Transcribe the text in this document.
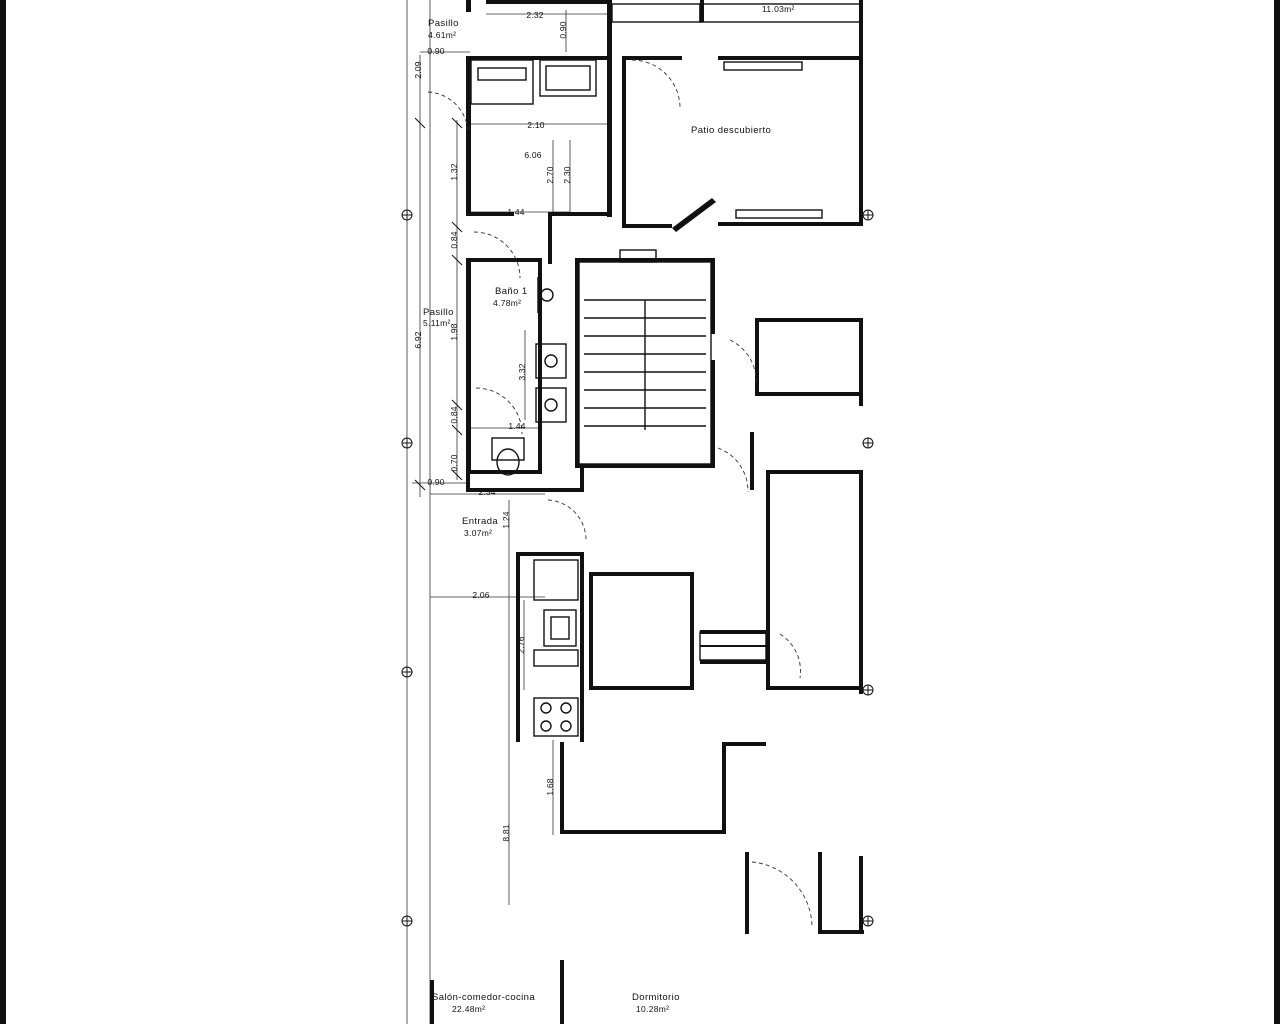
Pasillo
4.61m²
Pasillo
5.11m²
Baño 1
4.78m²
Entrada
3.07m²
Patio descubierto
Salón-comedor-cocina
22.48m²
Dormitorio
10.28m²
11.03m²
2.32
0.90
2.10
6.06
1.44
1.44
0.90
2.34
2.06
0.90
2.09
1.32	2.70 2.30
0.84
6.92	1.98
3.32
0.84
0.70
1.24
2.76
1.68
8.81
